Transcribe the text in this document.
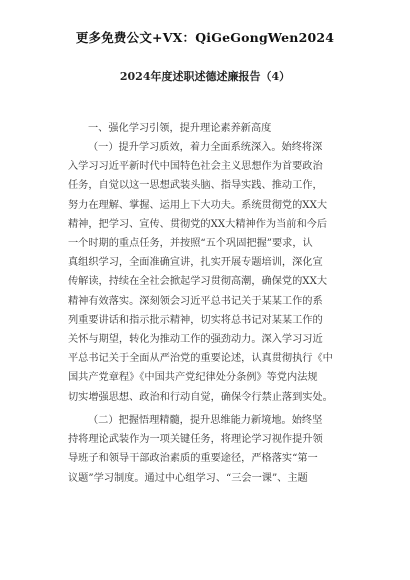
更多免费公文+VX：QiGeGongWen2024
2024年度述职述德述廉报告（4）
一、强化学习引领，提升理论素养新高度
（一）提升学习质效，着力全面系统深入。始终将深
入学习习近平新时代中国特色社会主义思想作为首要政治
任务，自觉以这一思想武装头脑、指导实践、推动工作，
努力在理解、掌握、运用上下大功夫。系统贯彻党的XX大
精神，把学习、宣传、贯彻党的XX大精神作为当前和今后
一个时期的重点任务，并按照“五个巩固把握”要求，认
真组织学习，全面准确宣讲，扎实开展专题培训，深化宣
传解读，持续在全社会掀起学习贯彻高潮，确保党的XX大
精神有效落实。深刻领会习近平总书记关于某某工作的系
列重要讲话和指示批示精神，切实将总书记对某某工作的
关怀与期望，转化为推动工作的强劲动力。深入学习习近
平总书记关于全面从严治党的重要论述，认真贯彻执行《中
国共产党章程》《中国共产党纪律处分条例》等党内法规
切实增强思想、政治和行动自觉，确保令行禁止落到实处。
（二）把握悟理精髓，提升思维能力新境地。始终坚
持将理论武装作为一项关键任务，将理论学习视作提升领
导班子和领导干部政治素质的重要途径，严格落实“第一
议题”学习制度。通过中心组学习、“三会一课”、主题
